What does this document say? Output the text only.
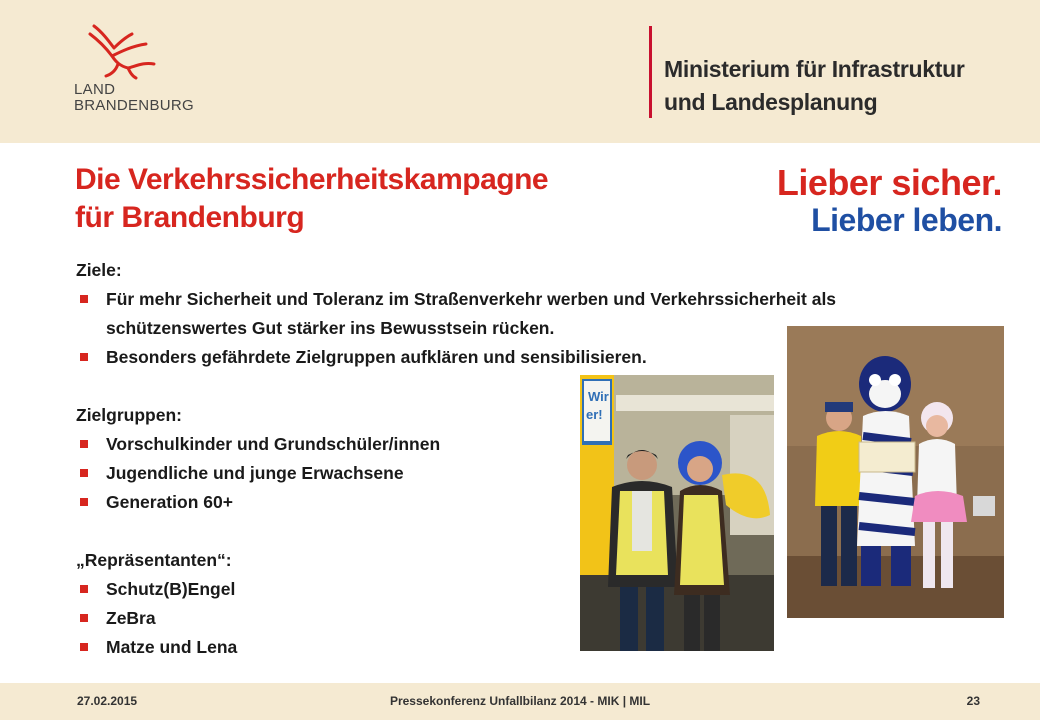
LAND
BRANDENBURG
Ministerium für Infrastruktur
und Landesplanung
Die Verkehrssicherheitskampagne
für Brandenburg
Lieber sicher.
Lieber leben.
Ziele:
Für mehr Sicherheit und Toleranz im Straßenverkehr werben und Verkehrssicherheit als schützenswertes Gut stärker ins Bewusstsein rücken.
Besonders gefährdete Zielgruppen aufklären und sensibilisieren.
Zielgruppen:
Vorschulkinder und Grundschüler/innen
Jugendliche und junge Erwachsene
Generation 60+
„Repräsentanten“:
Schutz(B)Engel
ZeBra
Matze und Lena
Wir
er!
27.02.2015	Pressekonferenz Unfallbilanz 2014 - MIK | MIL	23
